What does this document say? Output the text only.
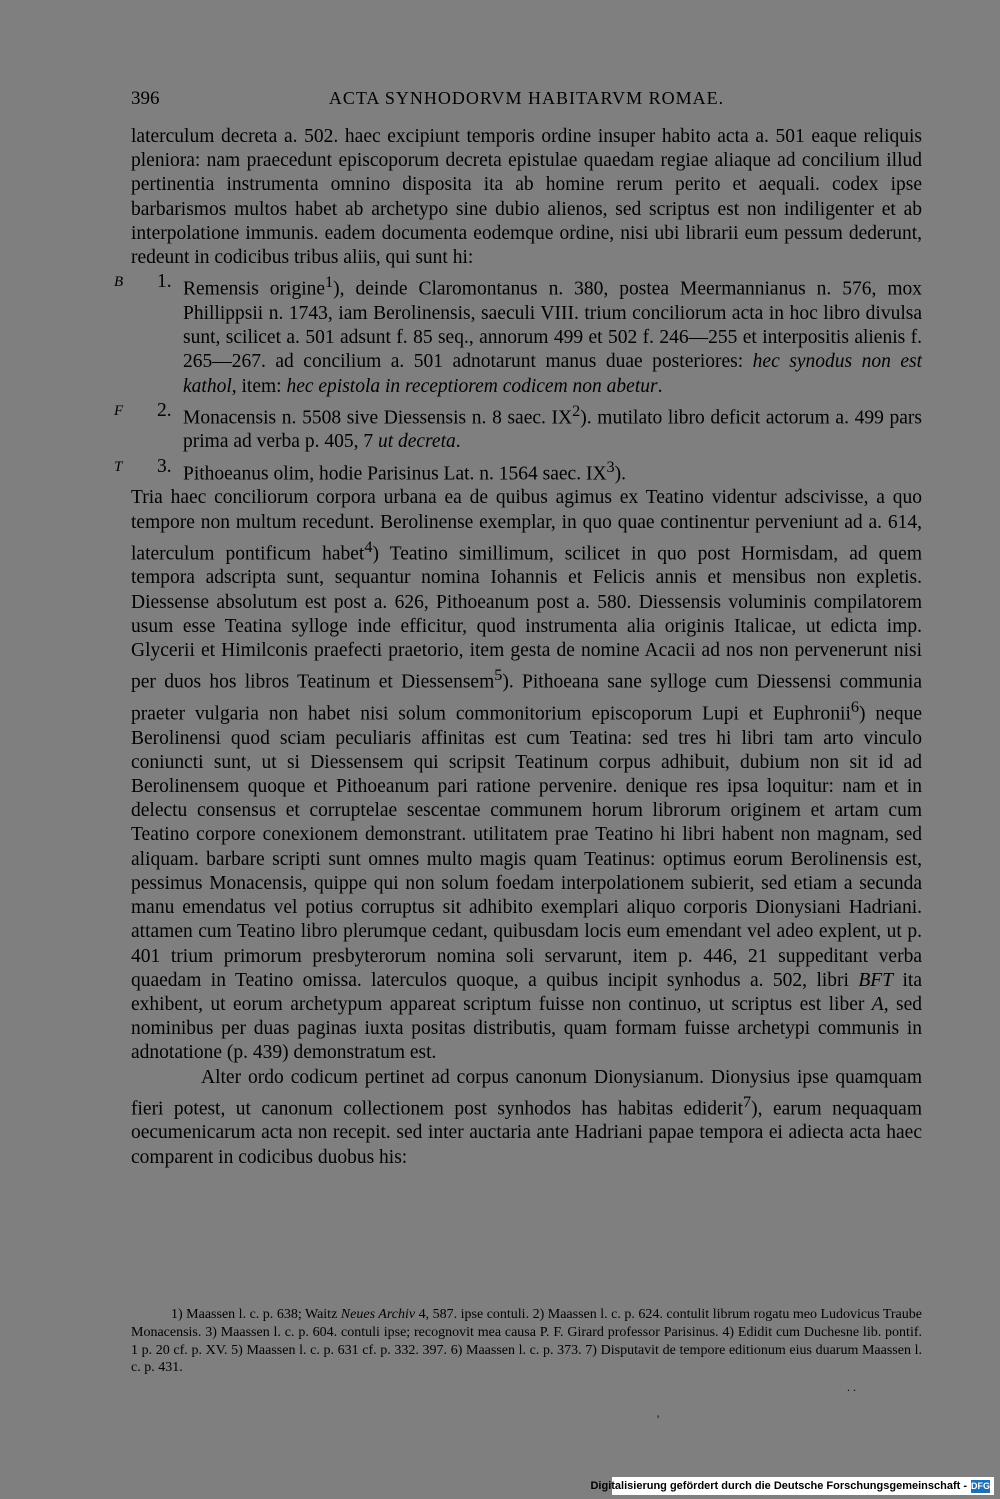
396	ACTA SYNHODORVM HABITARVM ROMAE.

laterculum decreta a. 502. haec excipiunt temporis ordine insuper habito acta a. 501 eaque reliquis pleniora: nam praecedunt episcoporum decreta epistulae quaedam regiae aliaque ad concilium illud pertinentia instrumenta omnino disposita ita ab homine rerum perito et aequali. codex ipse barbarismos multos habet ab archetypo sine dubio alienos, sed scriptus est non indiligenter et ab interpolatione immunis. eadem documenta eodemque ordine, nisi ubi librarii eum pessum dederunt, redeunt in codicibus tribus aliis, qui sunt hi:

B 1. Remensis origine$^1$), deinde Claromontanus n. 380, postea Meermannianus n. 576, mox Phillippsii n. 1743, iam Berolinensis, saeculi VIII. trium conciliorum acta in hoc libro divulsa sunt, scilicet a. 501 adsunt f. 85 seq., annorum 499 et 502 f. 246—255 et interpositis alienis f. 265—267. ad concilium a. 501 adnotarunt manus duae posteriores: hec synodus non est kathol, item: hec epistola in receptiorem codicem non abetur.

F 2. Monacensis n. 5508 sive Diessensis n. 8 saec. $IX^2$). mutilato libro deficit actorum a. 499 pars prima ad verba p. 405, 7 ut decreta.

T 3. Pithoeanus olim, hodie Parisinus Lat. n. 1564 saec. $IX^3$).

Tria haec conciliorum corpora urbana ea de quibus agimus ex Teatino videntur adscivisse, a quo tempore non multum recedunt. Berolinense exemplar, in quo quae continentur perveniunt ad a. 614, laterculum pontificum habet$^4$) Teatino simillimum, scilicet in quo post Hormisdam, ad quem tempora adscripta sunt, sequantur nomina Iohannis et Felicis annis et mensibus non expletis. Diessense absolutum est post a. 626, Pithoeanum post a. 580. Diessensis voluminis compilatorem usum esse Teatina sylloge inde efficitur, quod instrumenta alia originis Italicae, ut edicta imp. Glycerii et Himilconis praefecti praetorio, item gesta de nomine Acacii ad nos non pervenerunt nisi per duos hos libros Teatinum et Diessensem$^5$). Pithoeana sane sylloge cum Diessensi communia praeter vulgaria non habet nisi solum commonitorium episcoporum Lupi et Euphronii$^6$) neque Berolinensi quod sciam peculiaris affinitas est cum Teatina: sed tres hi libri tam arto vinculo coniuncti sunt, ut si Diessensem qui scripsit Teatinum corpus adhibuit, dubium non sit id ad Berolinensem quoque et Pithoeanum pari ratione pervenire. denique res ipsa loquitur: nam et in delectu consensus et corruptelae sescentae communem horum librorum originem et artam cum Teatino corpore conexionem demonstrant. utilitatem prae Teatino hi libri habent non magnam, sed aliquam. barbare scripti sunt omnes multo magis quam Teatinus: optimus eorum Berolinensis est, pessimus Monacensis, quippe qui non solum foedam interpolationem subierit, sed etiam a secunda manu emendatus vel potius corruptus sit adhibito exemplari aliquo corporis Dionysiani Hadriani. attamen cum Teatino libro plerumque cedant, quibusdam locis eum emendant vel adeo explent, ut p. 401 trium primorum presbyterorum nomina soli servarunt, item p. 446, 21 suppeditant verba quaedam in Teatino omissa. laterculos quoque, a quibus incipit synhodus a. 502, libri BFT ita exhibent, ut eorum archetypum appareat scriptum fuisse non continuo, ut scriptus est liber A, sed nominibus per duas paginas iuxta positas distributis, quam formam fuisse archetypi communis in adnotatione (p. 439) demonstratum est.

Alter ordo codicum pertinet ad corpus canonum Dionysianum. Dionysius ipse quamquam fieri potest, ut canonum collectionem post synhodos has habitas ediderit$^7$), earum nequaquam oecumenicarum acta non recepit. sed inter auctaria ante Hadriani papae tempora ei adiecta acta haec comparent in codicibus duobus his:

1) Maassen l. c. p. 638; Waitz Neues Archiv 4, 587. ipse contuli. 2) Maassen l. c. p. 624. contulit librum rogatu meo Ludovicus Traube Monacensis. 3) Maassen l. c. p. 604. contuli ipse; recognovit mea causa P. F. Girard professor Parisinus. 4) Edidit cum Duchesne lib. pontif. 1 p. 20 cf. p. XV. 5) Maassen l. c. p. 631 cf. p. 332. 397. 6) Maassen l. c. p. 373. 7) Disputavit de tempore editionum eius duarum Maassen l. c. p. 431.

. .
'
Digitalisierung gefördert durch die Deutsche Forschungsgemeinschaft - DFG
